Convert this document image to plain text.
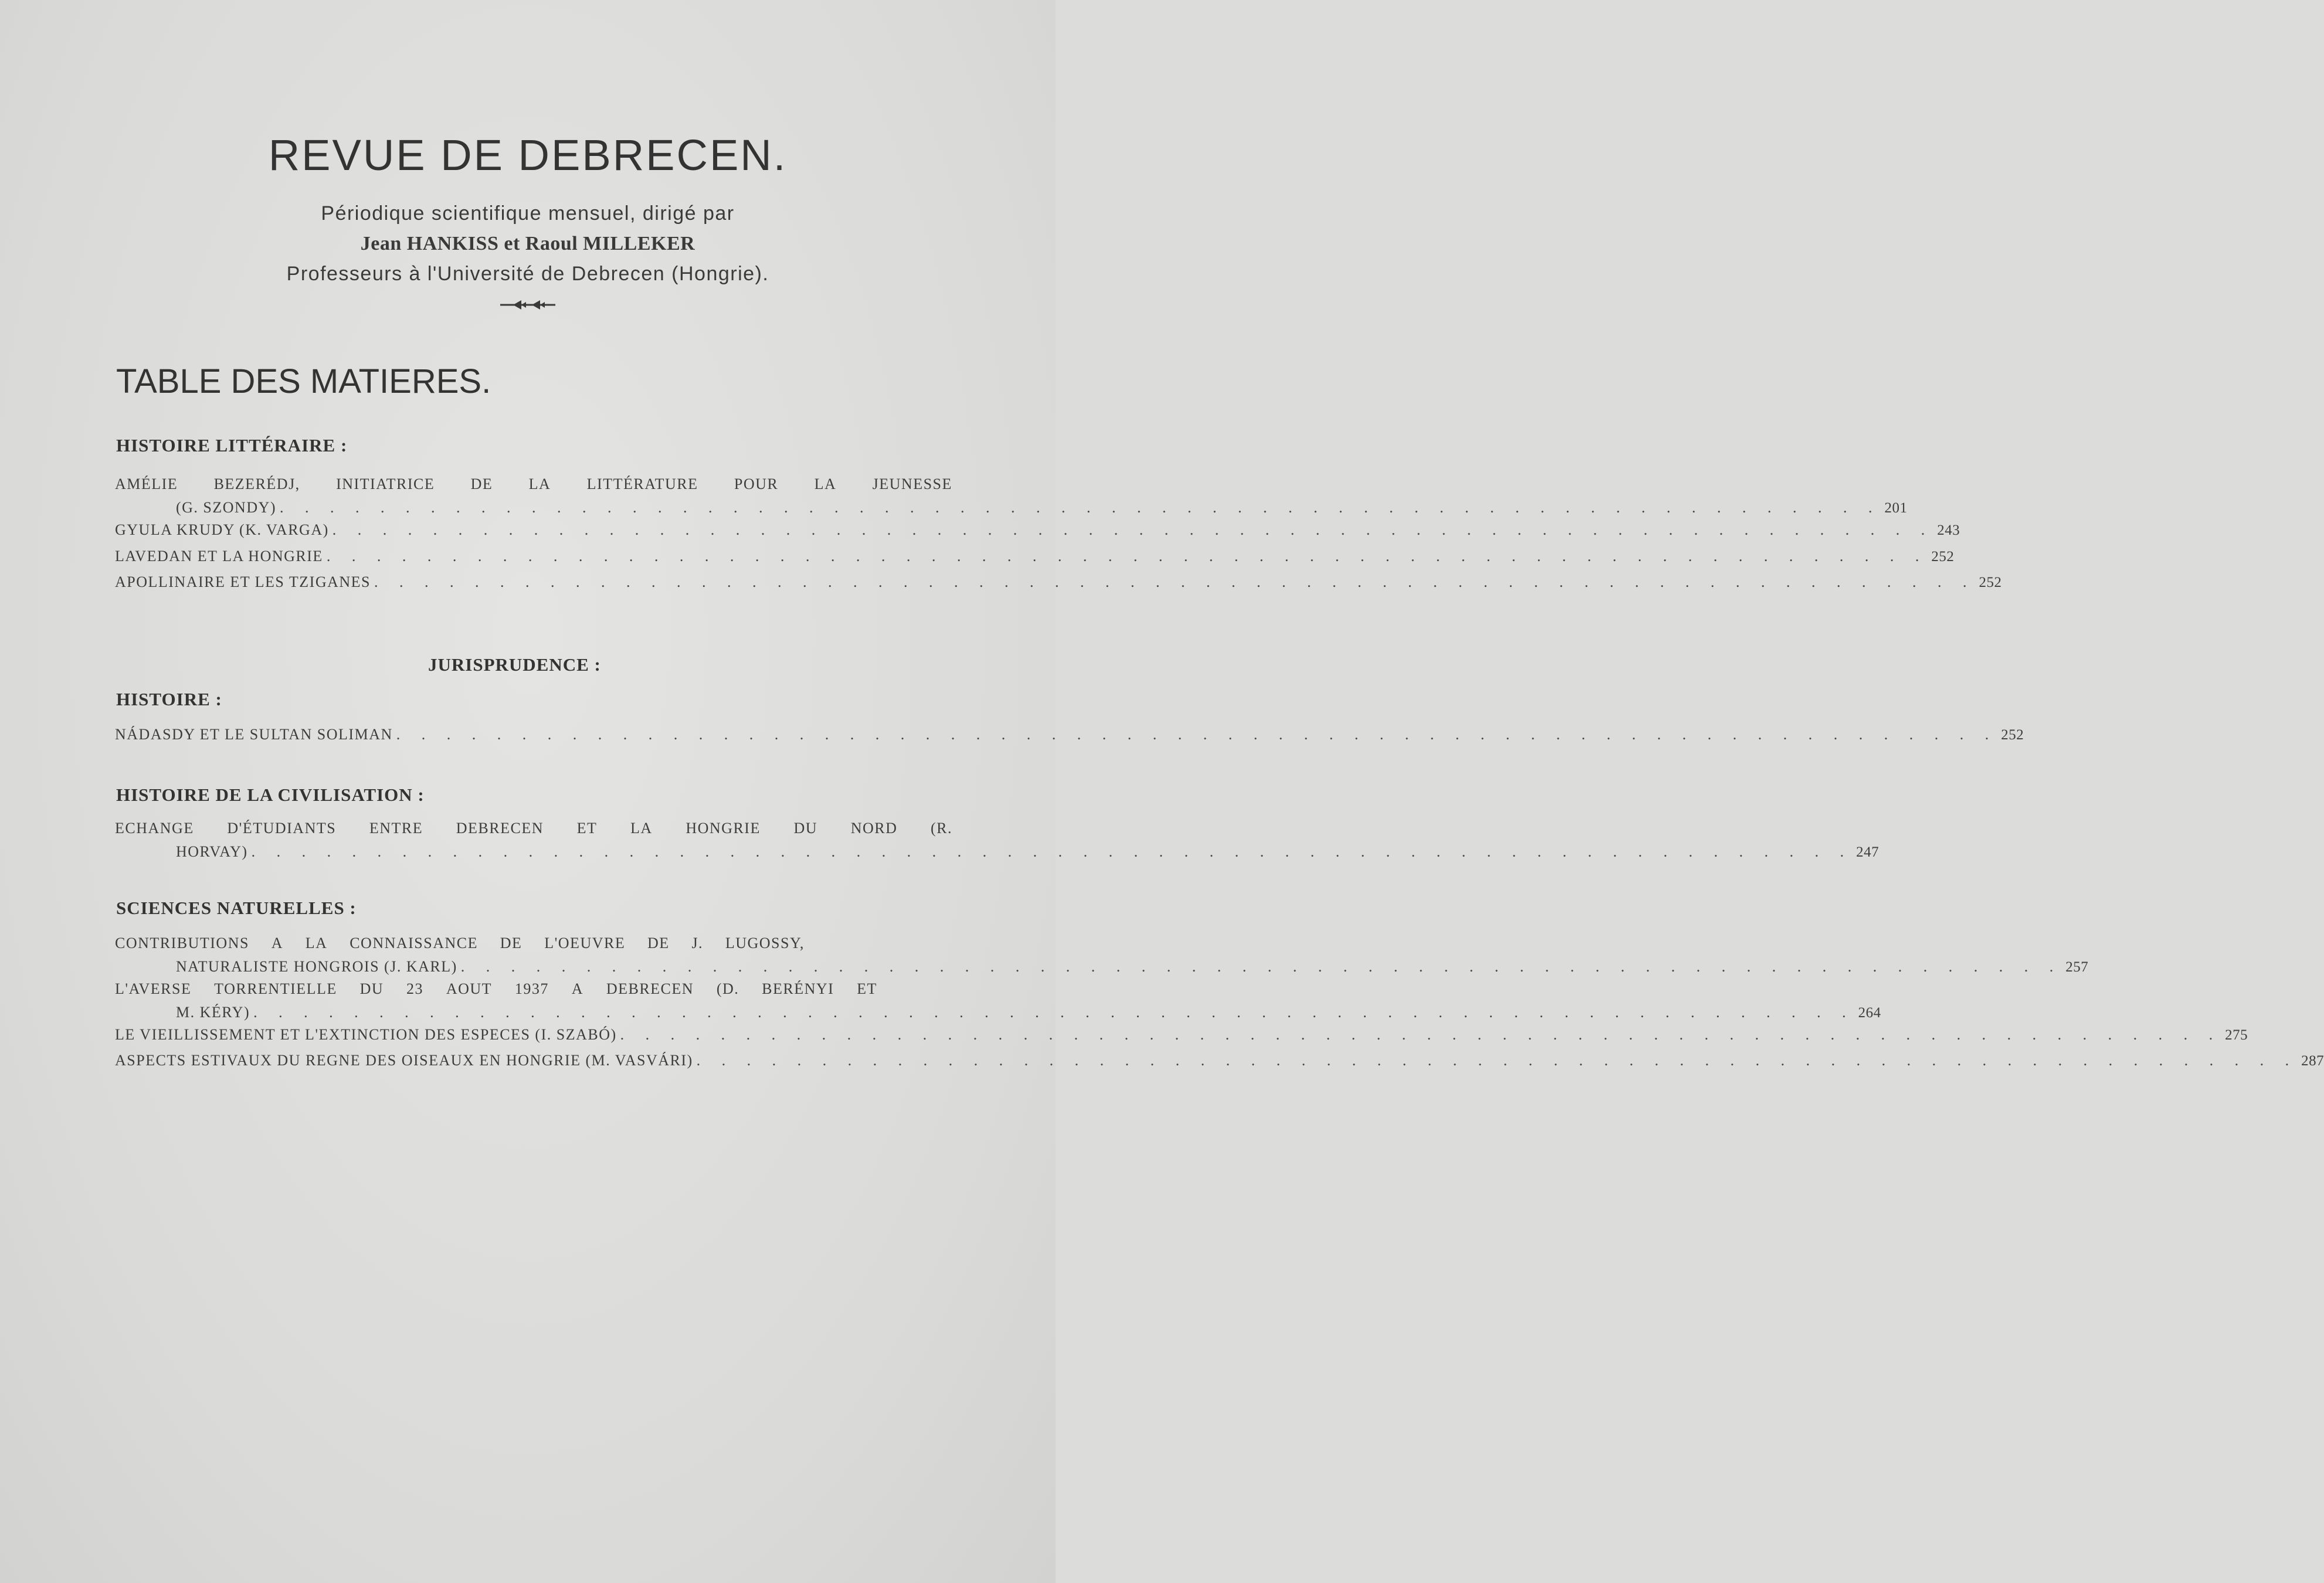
REVUE DE DEBRECEN.
Périodique scientifique mensuel, dirigé par
Jean HANKISS et Raoul MILLEKER
Professeurs à l'Université de Debrecen (Hongrie).
TABLE DES MATIERES.
HISTOIRE LITTÉRAIRE :
AMÉLIE BEZERÉDJ, INITIATRICE DE LA LITTÉRATURE POUR LA JEUNESSE
(G. SZONDY) . . . . . . . . . . . . . . . . . . . . . . . . . . . . . . . . . . . . . . . . . . . . . . . . . . . . . . . . . . . . . . . . 201
GYULA KRUDY (K. VARGA) . . . . . . . . . . . . . . . . . . . . . . . . . . . . . . . . . . . . . . . . . . . . . . . . . . . . . . . . . . . . . . . . 243
LAVEDAN ET LA HONGRIE . . . . . . . . . . . . . . . . . . . . . . . . . . . . . . . . . . . . . . . . . . . . . . . . . . . . . . . . . . . . . . . . 252
APOLLINAIRE ET LES TZIGANES . . . . . . . . . . . . . . . . . . . . . . . . . . . . . . . . . . . . . . . . . . . . . . . . . . . . . . . . . . . . . . . . 252
JURISPRUDENCE :
HISTOIRE :
NÁDASDY ET LE SULTAN SOLIMAN . . . . . . . . . . . . . . . . . . . . . . . . . . . . . . . . . . . . . . . . . . . . . . . . . . . . . . . . . . . . . . . . 252
HISTOIRE DE LA CIVILISATION :
ECHANGE D'ÉTUDIANTS ENTRE DEBRECEN ET LA HONGRIE DU NORD (R.
HORVAY) . . . . . . . . . . . . . . . . . . . . . . . . . . . . . . . . . . . . . . . . . . . . . . . . . . . . . . . . . . . . . . . . 247
SCIENCES NATURELLES :
CONTRIBUTIONS A LA CONNAISSANCE DE L'OEUVRE DE J. LUGOSSY,
NATURALISTE HONGROIS (J. KARL) . . . . . . . . . . . . . . . . . . . . . . . . . . . . . . . . . . . . . . . . . . . . . . . . . . . . . . . . . . . . . . . . 257
L'AVERSE TORRENTIELLE DU 23 AOUT 1937 A DEBRECEN (D. BERÉNYI ET
M. KÉRY) . . . . . . . . . . . . . . . . . . . . . . . . . . . . . . . . . . . . . . . . . . . . . . . . . . . . . . . . . . . . . . . . 264
LE VIEILLISSEMENT ET L'EXTINCTION DES ESPECES (I. SZABÓ) . . . . . . . . . . . . . . . . . . . . . . . . . . . . . . . . . . . . . . . . . . . . . . . . . . . . . . . . . . . . . . . . 275
ASPECTS ESTIVAUX DU REGNE DES OISEAUX EN HONGRIE (M. VASVÁRI) . . . . . . . . . . . . . . . . . . . . . . . . . . . . . . . . . . . . . . . . . . . . . . . . . . . . . . . . . . . . . . . . 287
